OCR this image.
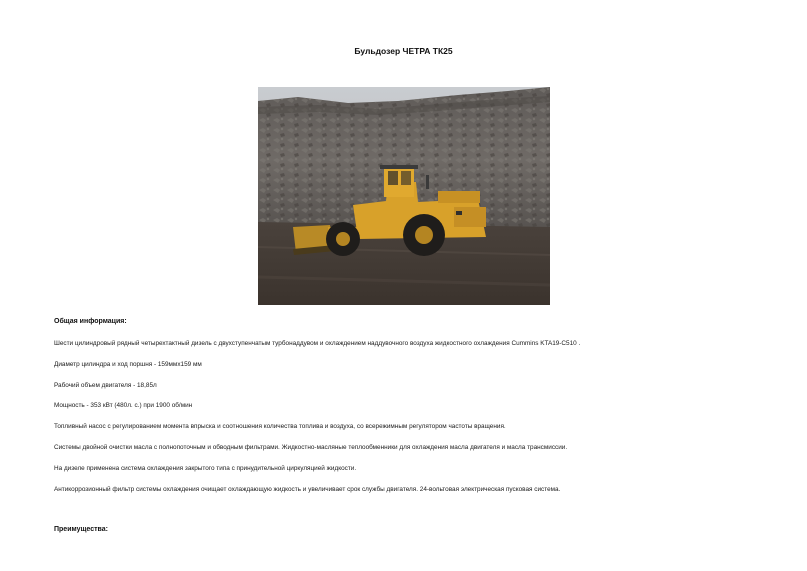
Бульдозер ЧЕТРА ТК25
Общая информация:
Шести цилиндровый рядный четырехтактный дизель с двухступенчатым турбонаддувом и охлаждением наддувочного воздуха жидкостного охлаждения Cummins KTA19-C510 .
Диаметр цилиндра и ход поршня - 159ммх159 мм
Рабочий объем двигателя - 18,85л
Мощность - 353 кВт (480л. с.) при 1900 об/мин
Топливный насос с регулированием момента впрыска и соотношения количества топлива и воздуха, со всережимным регулятором частоты вращения.
Системы двойной очистки масла с полнопоточным и обводным фильтрами. Жидкостно-масляные теплообменники для охлаждения масла двигателя и масла трансмиссии.
На дизеле применена система охлаждения закрытого типа с принудительной циркуляцией жидкости.
Антикоррозионный фильтр системы охлаждения очищает охлаждающую жидкость и увеличивает срок службы двигателя. 24-вольтовая электрическая пусковая система.
Преимущества:
